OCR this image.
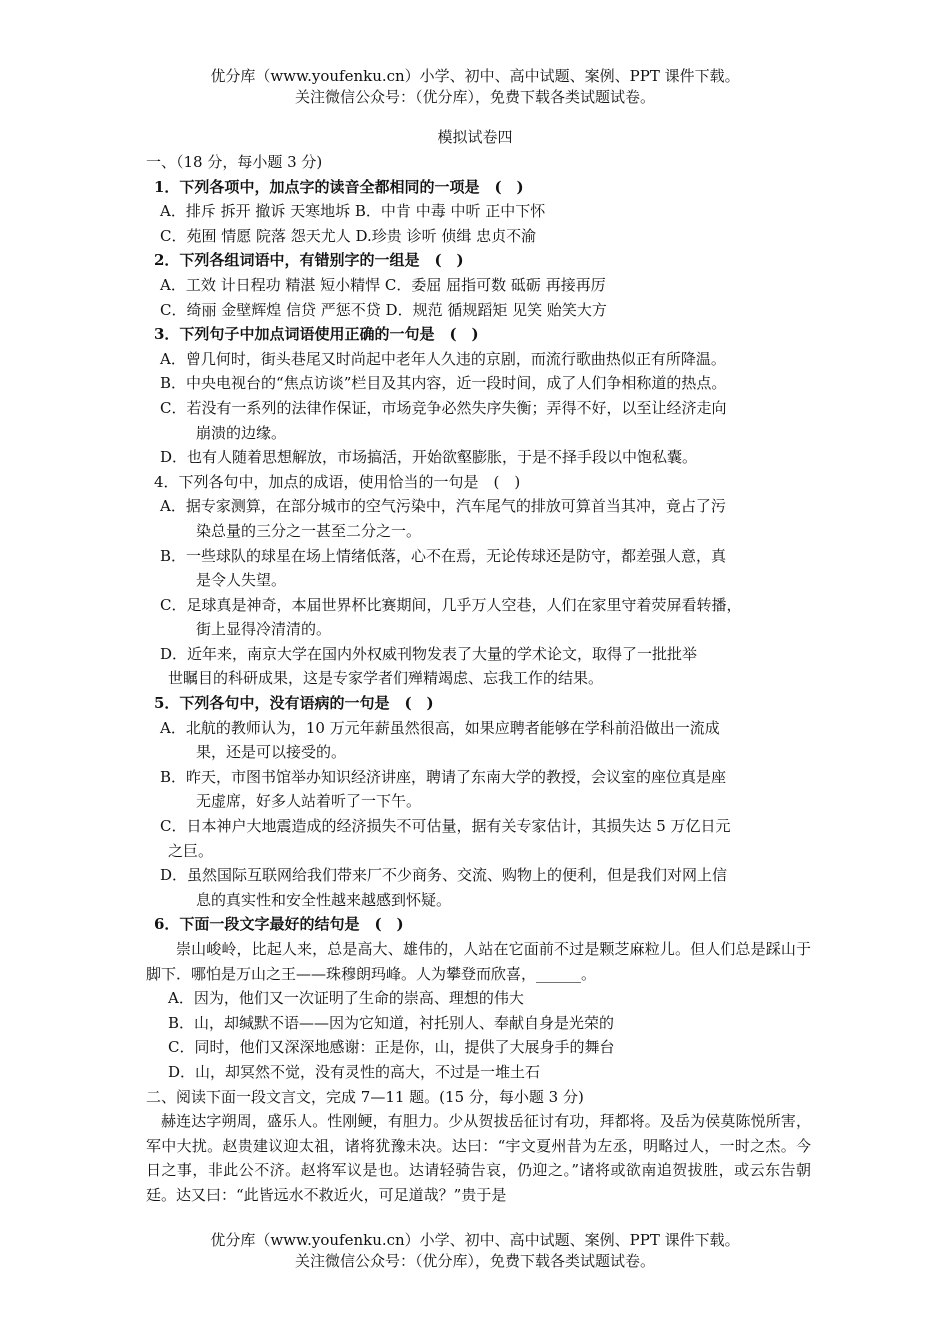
优分库（www.youfenku.cn）小学、初中、高中试题、案例、PPT 课件下载。
关注微信公众号：（优分库），免费下载各类试题试卷。
模拟试卷四
一、（18 分，每小题 3 分)
1．下列各项中，加点字的读音全都相同的一项是　(　)
A．排斥 拆开 撤诉 天寒地坼 B．中肯 中毒 中听 正中下怀
C．苑囿 情愿 院落 怨天尤人 D.珍贵 诊听 侦缉 忠贞不渝
2．下列各组词语中，有错别字的一组是　(　)
A．工效 计日程功 精湛 短小精悍 C．委屈 屈指可数 砥砺 再接再厉
C．绮丽 金壁辉煌 信贷 严惩不贷 D．规范 循规蹈矩 见笑 贻笑大方
3．下列句子中加点词语使用正确的一句是　(　)
A．曾几何时，街头巷尾又时尚起中老年人久违的京剧，而流行歌曲热似正有所降温。
B．中央电视台的“焦点访谈”栏目及其内容，近一段时间，成了人们争相称道的热点。
C．若没有一系列的法律作保证，市场竞争必然失序失衡；弄得不好，以至让经济走向
崩溃的边缘。
D．也有人随着思想解放，市场搞活，开始欲壑膨胀，于是不择手段以中饱私囊。
4．下列各句中，加点的成语，使用恰当的一句是　(　)
A．据专家测算，在部分城市的空气污染中，汽车尾气的排放可算首当其冲，竟占了污
染总量的三分之一甚至二分之一。
B．一些球队的球星在场上情绪低落，心不在焉，无论传球还是防守，都差强人意，真
是令人失望。
C．足球真是神奇，本届世界杯比赛期间，几乎万人空巷，人们在家里守着荧屏看转播，
街上显得冷清清的。
D．近年来，南京大学在国内外权威刊物发表了大量的学术论文，取得了一批批举
世瞩目的科研成果，这是专家学者们殚精竭虑、忘我工作的结果。
5．下列各句中，没有语病的一句是　(　)
A．北航的教师认为，10 万元年薪虽然很高，如果应聘者能够在学科前沿做出一流成
果，还是可以接受的。
B．昨天，市图书馆举办知识经济讲座，聘请了东南大学的教授，会议室的座位真是座
无虚席，好多人站着听了一下午。
C．日本神户大地震造成的经济损失不可估量，据有关专家估计，其损失达 5 万亿日元
之巨。
D．虽然国际互联网给我们带来厂不少商务、交流、购物上的便利，但是我们对网上信
息的真实性和安全性越来越感到怀疑。
6．下面一段文字最好的结句是　(　)
崇山峻岭，比起人来，总是高大、雄伟的，人站在它面前不过是颗芝麻粒儿。但人们总是踩山于脚下．哪怕是万山之王——珠穆朗玛峰。人为攀登而欣喜，______。
A．因为，他们又一次证明了生命的崇高、理想的伟大
B．山，却缄默不语——因为它知道，衬托别人、奉献自身是光荣的
C．同时，他们又深深地感谢：正是你，山，提供了大展身手的舞台
D．山，却冥然不觉，没有灵性的高大，不过是一堆土石
二、阅读下面一段文言文，完成 7—11 题。(15 分，每小题 3 分)
赫连达字朔周，盛乐人。性刚鲠，有胆力。少从贺拔岳征讨有功，拜都将。及岳为侯莫陈悦所害，军中大扰。赵贵建议迎太祖，诸将犹豫未决。达曰：“宇文夏州昔为左丞，明略过人，一时之杰。今日之事，非此公不济。赵将军议是也。达请轻骑告哀，仍迎之。”诸将或欲南追贺拔胜，或云东告朝廷。达又曰：“此皆远水不救近火，可足道哉？”贵于是
优分库（www.youfenku.cn）小学、初中、高中试题、案例、PPT 课件下载。
关注微信公众号：（优分库），免费下载各类试题试卷。
